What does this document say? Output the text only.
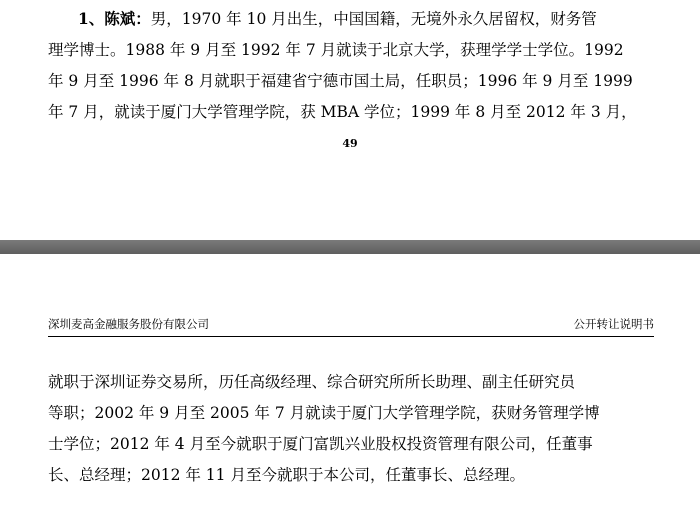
1、陈斌：男，1970 年 10 月出生，中国国籍，无境外永久居留权，财务管
理学博士。1988 年 9 月至 1992 年 7 月就读于北京大学，获理学学士学位。1992
年 9 月至 1996 年 8 月就职于福建省宁德市国土局，任职员；1996 年 9 月至 1999
年 7 月，就读于厦门大学管理学院，获 MBA 学位；1999 年 8 月至 2012 年 3 月，
49
深圳麦高金融服务股份有限公司	公开转让说明书
就职于深圳证券交易所，历任高级经理、综合研究所所长助理、副主任研究员
等职；2002 年 9 月至 2005 年 7 月就读于厦门大学管理学院，获财务管理学博
士学位；2012 年 4 月至今就职于厦门富凯兴业股权投资管理有限公司，任董事
长、总经理；2012 年 11 月至今就职于本公司，任董事长、总经理。
